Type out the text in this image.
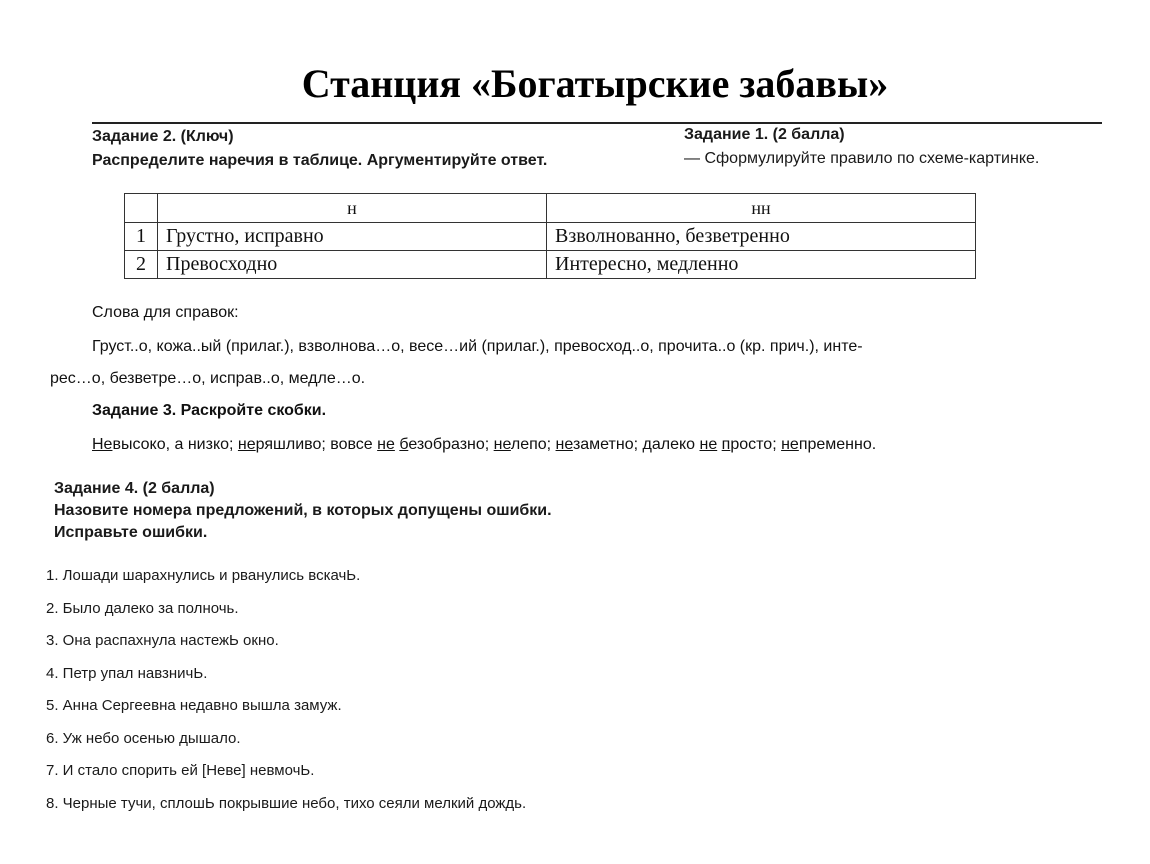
Станция «Богатырские забавы»
Задание 2. (Ключ)
Распределите наречия в таблице. Аргументируйте ответ.
Задание 1. (2 балла)
— Сформулируйте правило по схеме-картинке.
	н	нн
1	Грустно, исправно	Взволнованно, безветренно
2	Превосходно	Интересно, медленно
Слова для справок:
Груст..о, кожа..ый (прилаг.), взволнова…о, весе…ий (прилаг.), превосход..о, прочита..о (кр. прич.), инте-
рес…о, безветре…о, исправ..о, медле…о.
Задание 3. Раскройте скобки.
Невысоко, а низко; неряшливо; вовсе не безобразно; нелепо; незаметно; далеко не просто; непременно.
Задание 4. (2 балла)
Назовите номера предложений, в которых допущены ошибки.
Исправьте ошибки.
1. Лошади шарахнулись и рванулись вскачЬ.
2. Было далеко за полночь.
3. Она распахнула настежЬ окно.
4. Петр упал навзничЬ.
5. Анна Сергеевна недавно вышла замуж.
6. Уж небо осенью дышало.
7. И стало спорить ей [Неве] невмочЬ.
8. Черные тучи, сплошЬ покрывшие небо, тихо сеяли мелкий дождь.
